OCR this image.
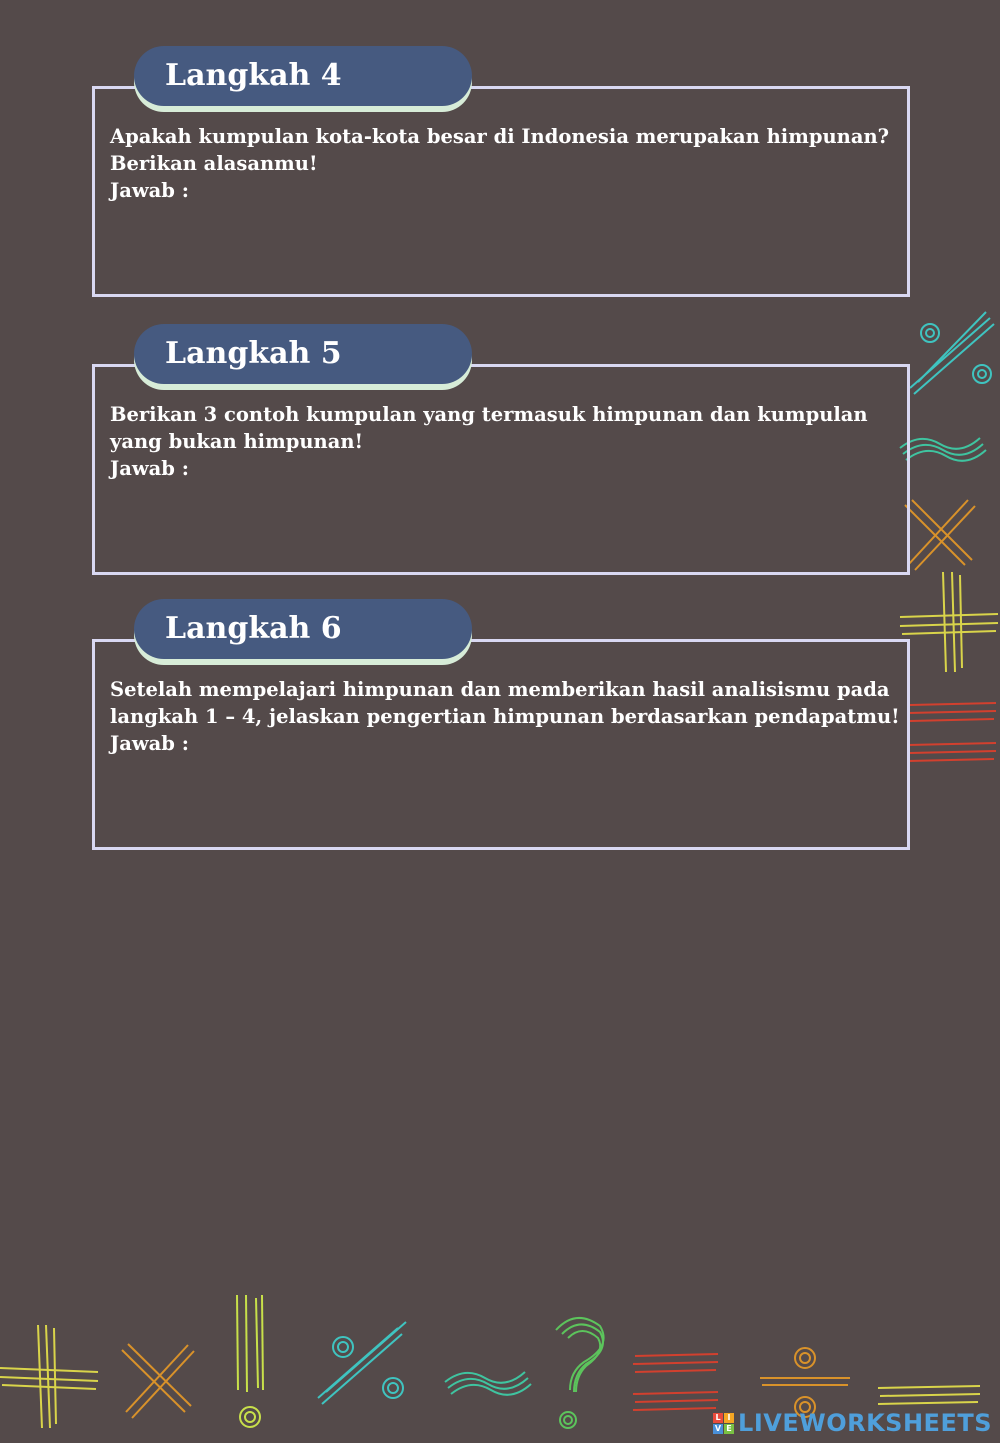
Apakah kumpulan kota-kota besar di Indonesia merupakan himpunan? Berikan alasanmu!
Jawab :
Langkah 4
Berikan 3 contoh kumpulan yang termasuk himpunan dan kumpulan yang bukan himpunan!
Jawab :
Langkah 5
Setelah mempelajari himpunan dan memberikan hasil analisismu pada langkah 1 – 4, jelaskan pengertian himpunan berdasarkan pendapatmu!
Jawab :
Langkah 6
L I
V E LIVEWORKSHEETS
